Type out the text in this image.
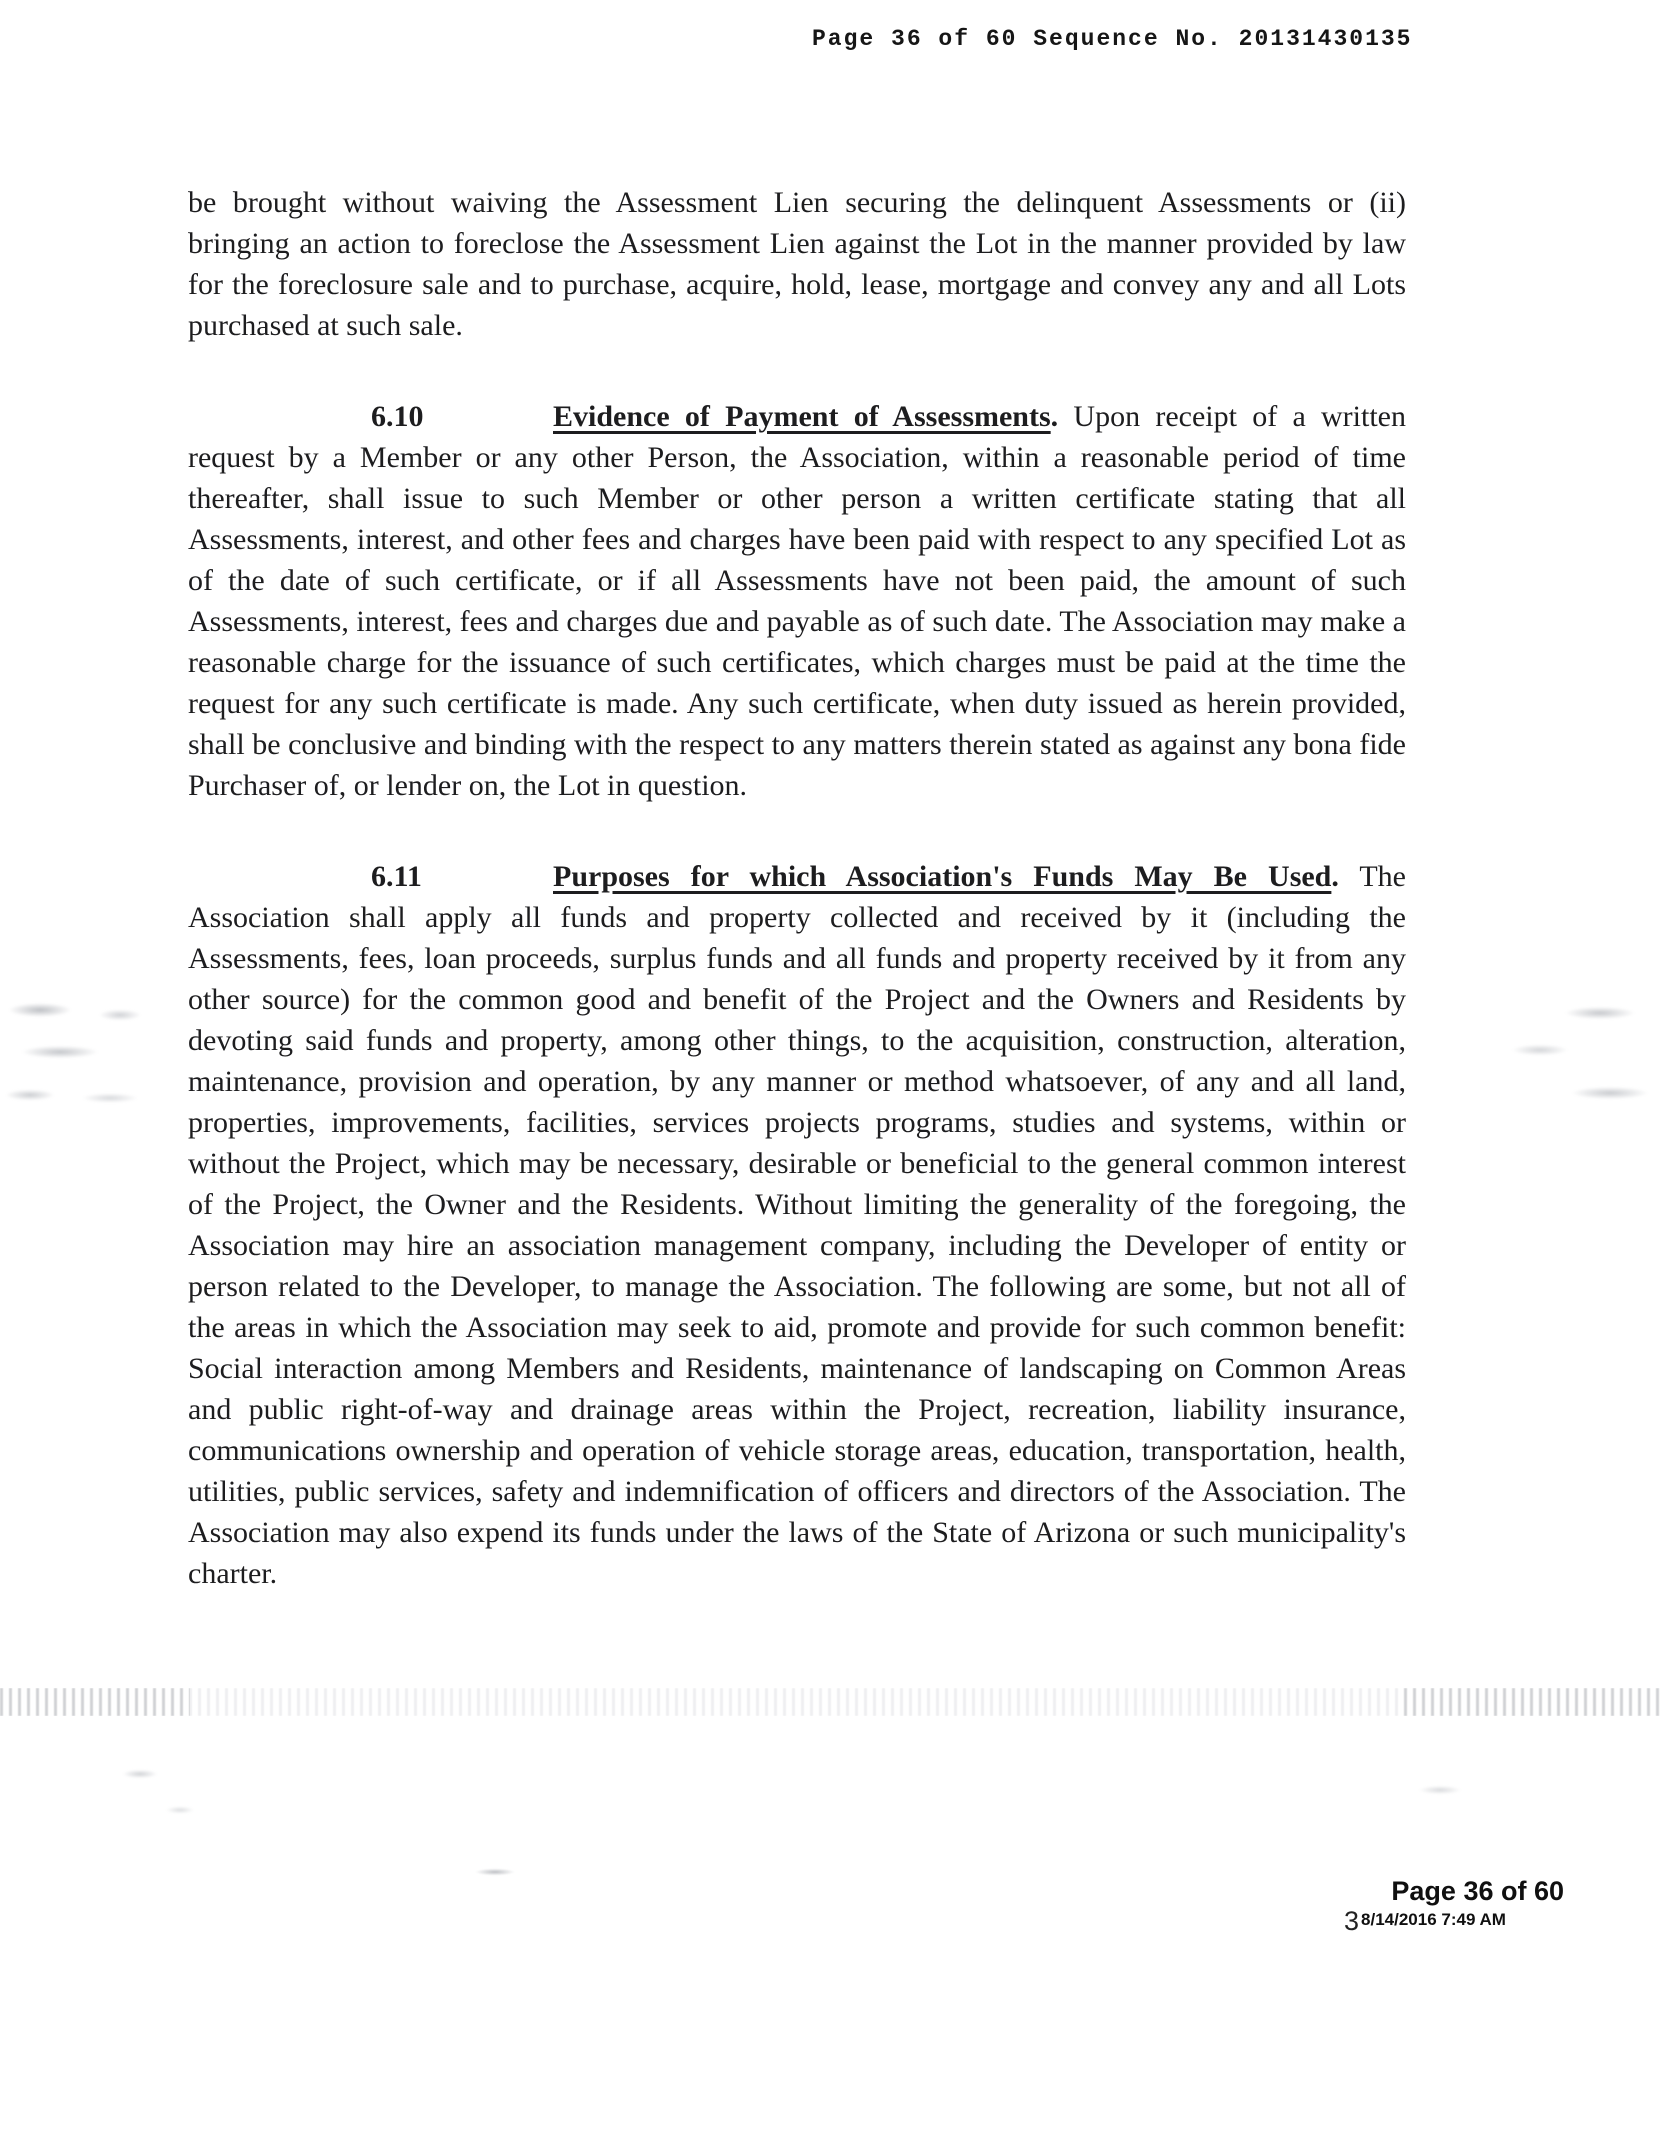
Page 36 of 60 Sequence No. 20131430135

be brought without waiving the Assessment Lien securing the delinquent Assessments or (ii) bringing an action to foreclose the Assessment Lien against the Lot in the manner provided by law for the foreclosure sale and to purchase, acquire, hold, lease, mortgage and convey any and all Lots purchased at such sale.

6.10	Evidence of Payment of Assessments. Upon receipt of a written request by a Member or any other Person, the Association, within a reasonable period of time thereafter, shall issue to such Member or other person a written certificate stating that all Assessments, interest, and other fees and charges have been paid with respect to any specified Lot as of the date of such certificate, or if all Assessments have not been paid, the amount of such Assessments, interest, fees and charges due and payable as of such date. The Association may make a reasonable charge for the issuance of such certificates, which charges must be paid at the time the request for any such certificate is made. Any such certificate, when duty issued as herein provided, shall be conclusive and binding with the respect to any matters therein stated as against any bona fide Purchaser of, or lender on, the Lot in question.

6.11	Purposes for which Association's Funds May Be Used. The Association shall apply all funds and property collected and received by it (including the Assessments, fees, loan proceeds, surplus funds and all funds and property received by it from any other source) for the common good and benefit of the Project and the Owners and Residents by devoting said funds and property, among other things, to the acquisition, construction, alteration, maintenance, provision and operation, by any manner or method whatsoever, of any and all land, properties, improvements, facilities, services projects programs, studies and systems, within or without the Project, which may be necessary, desirable or beneficial to the general common interest of the Project, the Owner and the Residents. Without limiting the generality of the foregoing, the Association may hire an association management company, including the Developer of entity or person related to the Developer, to manage the Association. The following are some, but not all of the areas in which the Association may seek to aid, promote and provide for such common benefit: Social interaction among Members and Residents, maintenance of landscaping on Common Areas and public right-of-way and drainage areas within the Project, recreation, liability insurance, communications ownership and operation of vehicle storage areas, education, transportation, health, utilities, public services, safety and indemnification of officers and directors of the Association. The Association may also expend its funds under the laws of the State of Arizona or such municipality's charter.

Page 36 of 60
3 8/14/2016 7:49 AM
